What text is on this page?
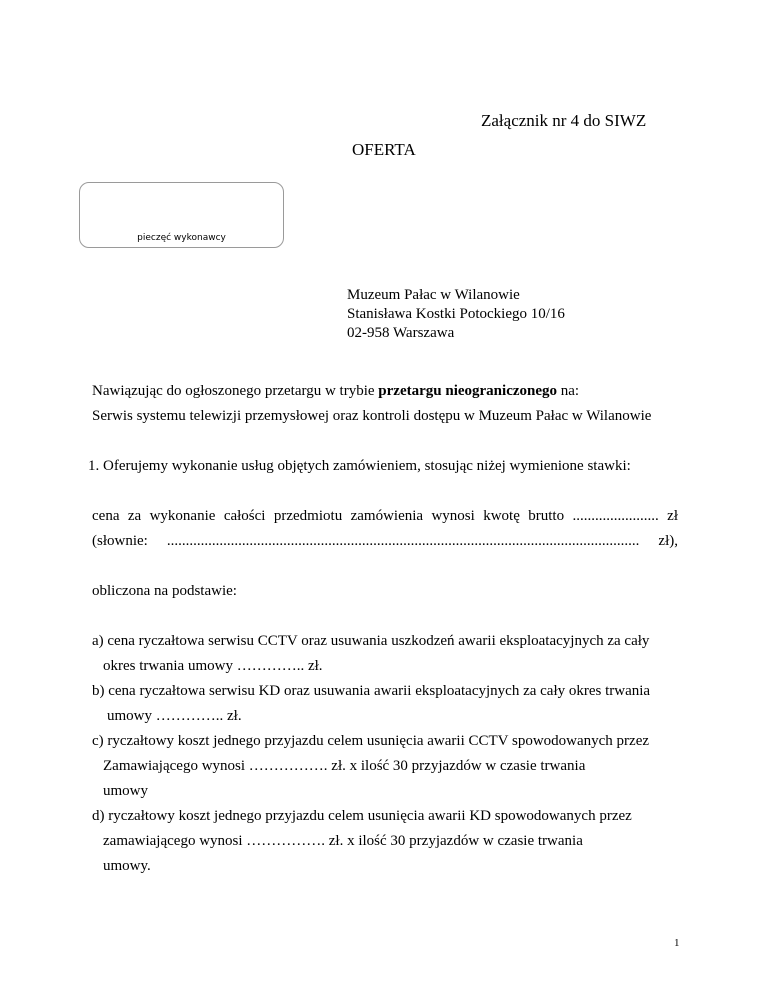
Załącznik nr 4 do SIWZ
OFERTA
pieczęć wykonawcy
Muzeum Pałac w Wilanowie
Stanisława Kostki Potockiego 10/16
02-958 Warszawa
Nawiązując do ogłoszonego przetargu w trybie przetargu nieograniczonego na:
Serwis systemu telewizji przemysłowej oraz kontroli dostępu w Muzeum Pałac w Wilanowie
1. Oferujemy wykonanie usług objętych zamówieniem, stosując niżej wymienione stawki:
cena za wykonanie całości przedmiotu zamówienia wynosi kwotę brutto ....................... zł
(słownie: .............................................................................................................................. zł),
obliczona na podstawie:
a) cena ryczałtowa serwisu CCTV oraz usuwania uszkodzeń awarii eksploatacyjnych za cały
okres trwania umowy ………….. zł.
b) cena ryczałtowa serwisu KD oraz usuwania awarii eksploatacyjnych za cały okres trwania
umowy ………….. zł.
c) ryczałtowy koszt jednego przyjazdu celem usunięcia awarii CCTV spowodowanych przez
Zamawiającego wynosi ……………. zł. x ilość 30 przyjazdów w czasie trwania
umowy
d) ryczałtowy koszt jednego przyjazdu celem usunięcia awarii KD spowodowanych przez
zamawiającego wynosi ……………. zł. x ilość 30 przyjazdów w czasie trwania
umowy.
1
